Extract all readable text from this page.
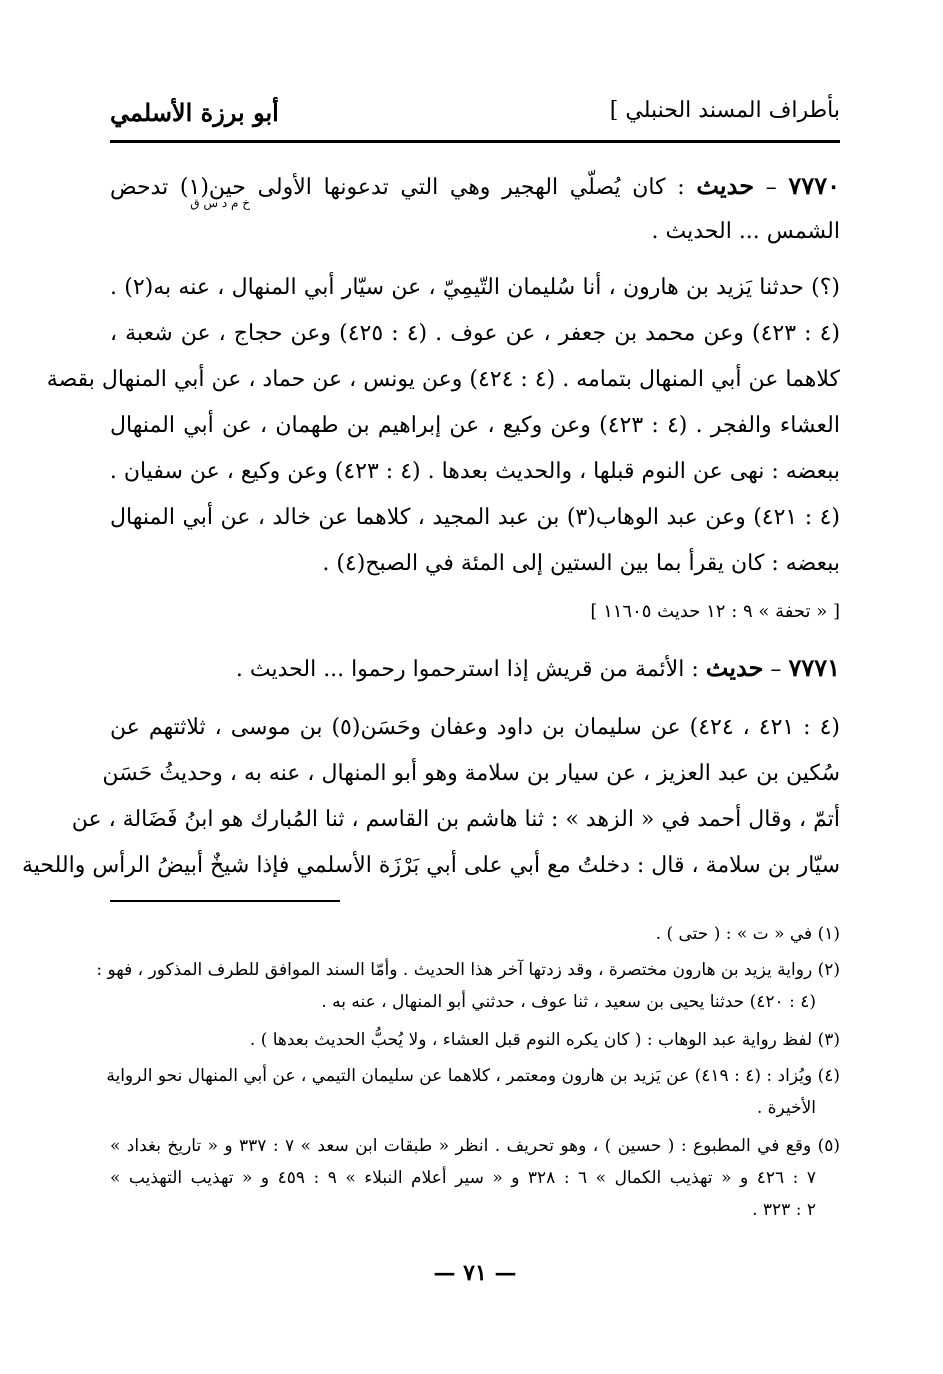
بأطراف المسند الحنبلي ]
أبو برزة الأسلمي
٧٧٧٠ – حديث : كان يُصلّي الهجير وهي التي تدعونها الأولى حين(١) تدحض
خ م د س ق
الشمس ... الحديث .
(؟) حدثنا يَزيد بن هارون ، أنا سُليمان التّيمِيّ ، عن سيّار أبي المنهال ، عنه به(٢) .
(٤ : ٤٢٣) وعن محمد بن جعفر ، عن عوف . (٤ : ٤٢٥) وعن حجاج ، عن شعبة ،
كلاهما عن أبي المنهال بتمامه . (٤ : ٤٢٤) وعن يونس ، عن حماد ، عن أبي المنهال بقصة
العشاء والفجر . (٤ : ٤٢٣) وعن وكيع ، عن إبراهيم بن طهمان ، عن أبي المنهال
ببعضه : نهى عن النوم قبلها ، والحديث بعدها . (٤ : ٤٢٣) وعن وكيع ، عن سفيان .
(٤ : ٤٢١) وعن عبد الوهاب(٣) بن عبد المجيد ، كلاهما عن خالد ، عن أبي المنهال
ببعضه : كان يقرأ بما بين الستين إلى المئة في الصبح(٤) .
[ « تحفة » ٩ : ١٢ حديث ١١٦٠٥ ]
٧٧٧١ – حديث : الأئمة من قريش إذا استرحموا رحموا ... الحديث .
(٤ : ٤٢١ ، ٤٢٤) عن سليمان بن داود وعفان وحَسَن(٥) بن موسى ، ثلاثتهم عن
سُكين بن عبد العزيز ، عن سيار بن سلامة وهو أبو المنهال ، عنه به ، وحديثُ حَسَن
أتمّ ، وقال أحمد في « الزهد » : ثنا هاشم بن القاسم ، ثنا المُبارك هو ابنُ فَضَالة ، عن
سيّار بن سلامة ، قال : دخلتُ مع أبي على أبي بَرْزَة الأسلمي فإذا شيخٌ أبيضُ الرأس واللحية
(١) في « ت » : ( حتى ) .
(٢) رواية يزيد بن هارون مختصرة ، وقد زدتها آخر هذا الحديث . وأمّا السند الموافق للطرف المذكور ، فهو :
(٤ : ٤٢٠) حدثنا يحيى بن سعيد ، ثنا عوف ، حدثني أبو المنهال ، عنه به .
(٣) لفظ رواية عبد الوهاب : ( كان يكره النوم قبل العشاء ، ولا يُحبُّ الحديث بعدها ) .
(٤) ويُزاد : (٤ : ٤١٩) عن يَزيد بن هارون ومعتمر ، كلاهما عن سليمان التيمي ، عن أبي المنهال نحو الرواية
الأخيرة .
(٥) وقع في المطبوع : ( حسين ) ، وهو تحريف . انظر « طبقات ابن سعد » ٧ : ٣٣٧ و « تاريخ بغداد »
٧ : ٤٢٦ و « تهذيب الكمال » ٦ : ٣٢٨ و « سير أعلام النبلاء » ٩ : ٤٥٩ و « تهذيب التهذيب »
٢ : ٣٢٣ .
— ٧١ —
